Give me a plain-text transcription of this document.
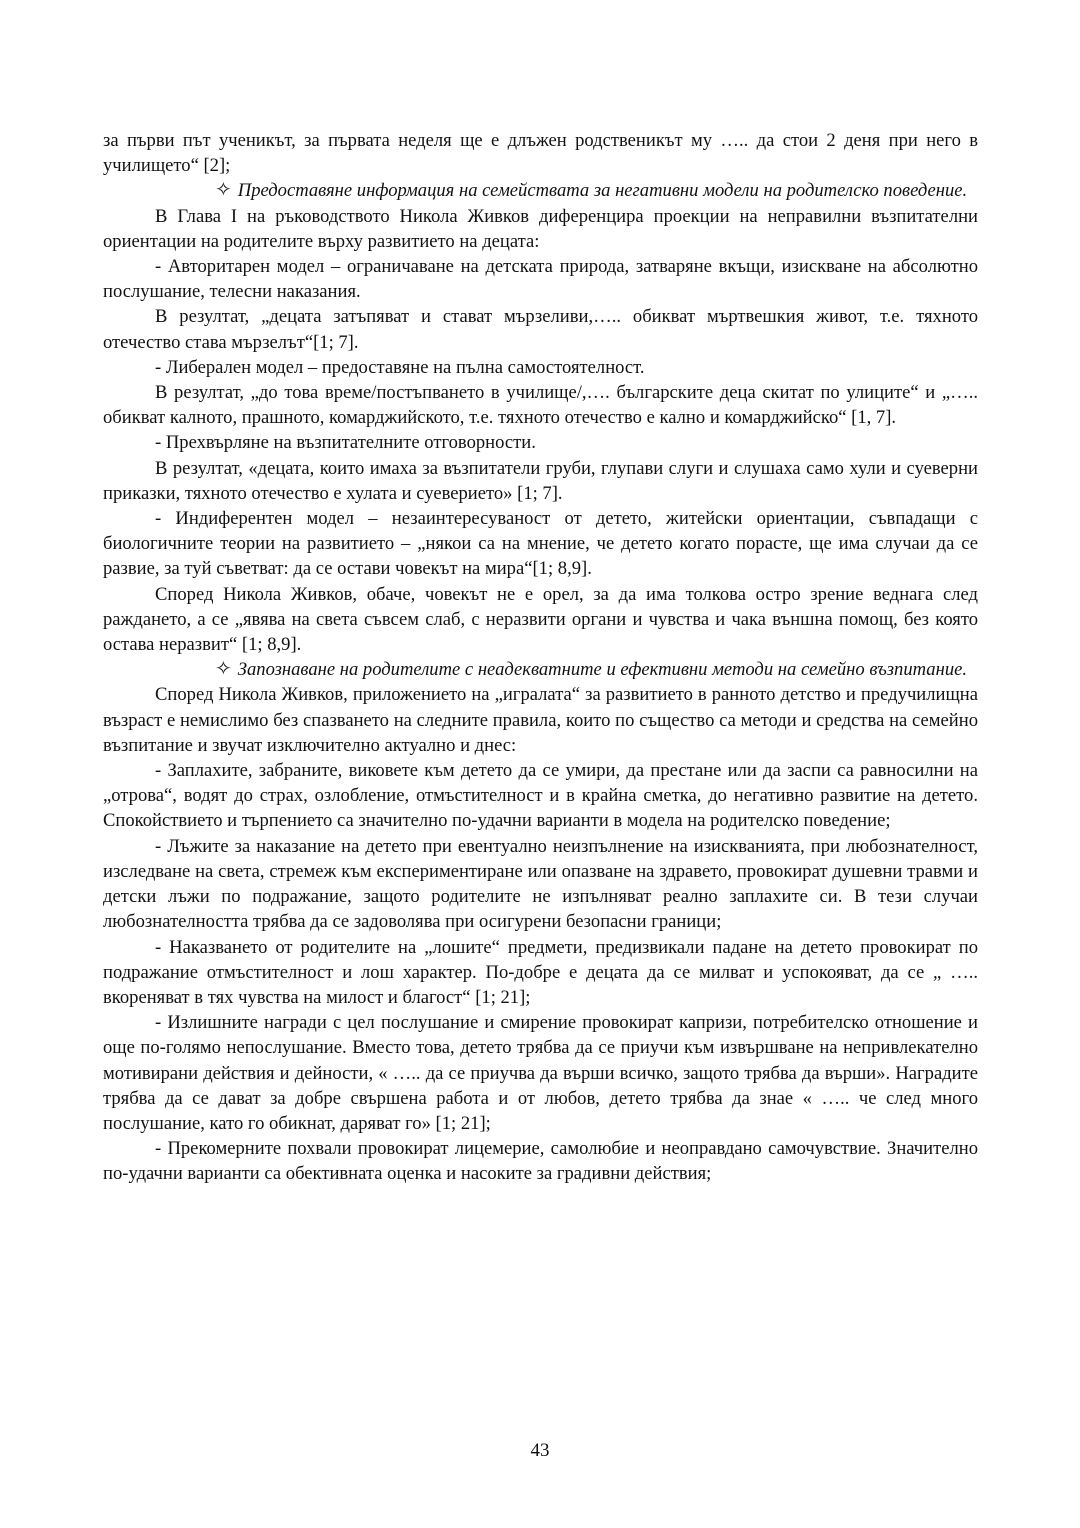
за първи път ученикът, за първата неделя ще е длъжен родственикът му ….. да стои 2 деня при него в училището“ [2];

✧ Предоставяне информация на семействата за негативни модели на родителско поведение.

В Глава I на ръководството Никола Живков диференцира проекции на неправилни възпитателни ориентации на родителите върху развитието на децата:

- Авторитарен модел – ограничаване на детската природа, затваряне вкъщи, изискване на абсолютно послушание, телесни наказания.

В резултат, „децата затъпяват и стават мързеливи,….. обикват мъртвешкия живот, т.е. тяхното отечество става мързелът“[1; 7].

- Либерален модел – предоставяне на пълна самостоятелност.

В резултат, „до това време/постъпването в училище/,…. българските деца скитат по улиците“ и „….. обикват калното, прашното, комарджийското, т.е. тяхното отечество е кално и комарджийско“ [1, 7].

- Прехвърляне на възпитателните отговорности.

В резултат, «децата, които имаха за възпитатели груби, глупави слуги и слушаха само хули и суеверни приказки, тяхното отечество е хулата и суеверието» [1; 7].

- Индиферентен модел – незаинтересуваност от детето, житейски ориентации, съвпадащи с биологичните теории на развитието – „някои са на мнение, че детето когато порасте, ще има случаи да се развие, за туй съветват: да се остави човекът на мира“[1; 8,9].

Според Никола Живков, обаче, човекът не е орел, за да има толкова остро зрение веднага след раждането, а се „явява на света съвсем слаб, с неразвити органи и чувства и чака външна помощ, без която остава неразвит“ [1; 8,9].

✧ Запознаване на родителите с неадекватните и ефективни методи на семейно възпитание.

Според Никола Живков, приложението на „игралата“ за развитието в ранното детство и предучилищна възраст е немислимо без спазването на следните правила, които по същество са методи и средства на семейно възпитание и звучат изключително актуално и днес:

- Заплахите, забраните, виковете към детето да се умири, да престане или да заспи са равносилни на „отрова“, водят до страх, озлобление, отмъстителност и в крайна сметка, до негативно развитие на детето. Спокойствието и търпението са значително по-удачни варианти в модела на родителско поведение;

- Лъжите за наказание на детето при евентуално неизпълнение на изискванията, при любознателност, изследване на света, стремеж към експериментиране или опазване на здравето, провокират душевни травми и детски лъжи по подражание, защото родителите не изпълняват реално заплахите си. В тези случаи любознателността трябва да се задоволява при осигурени безопасни граници;

- Наказването от родителите на „лошите“ предмети, предизвикали падане на детето провокират по подражание отмъстителност и лош характер. По-добре е децата да се милват и успокояват, да се „ ….. вкореняват в тях чувства на милост и благост“ [1; 21];

- Излишните награди с цел послушание и смирение провокират капризи, потребителско отношение и още по-голямо непослушание. Вместо това, детето трябва да се приучи към извършване на непривлекателно мотивирани действия и дейности, « ….. да се приучва да върши всичко, защото трябва да върши». Наградите трябва да се дават за добре свършена работа и от любов, детето трябва да знае « ….. че след много послушание, като го обикнат, даряват го» [1; 21];

- Прекомерните похвали провокират лицемерие, самолюбие и неоправдано самочувствие. Значително по-удачни варианти са обективната оценка и насоките за градивни действия;

43
